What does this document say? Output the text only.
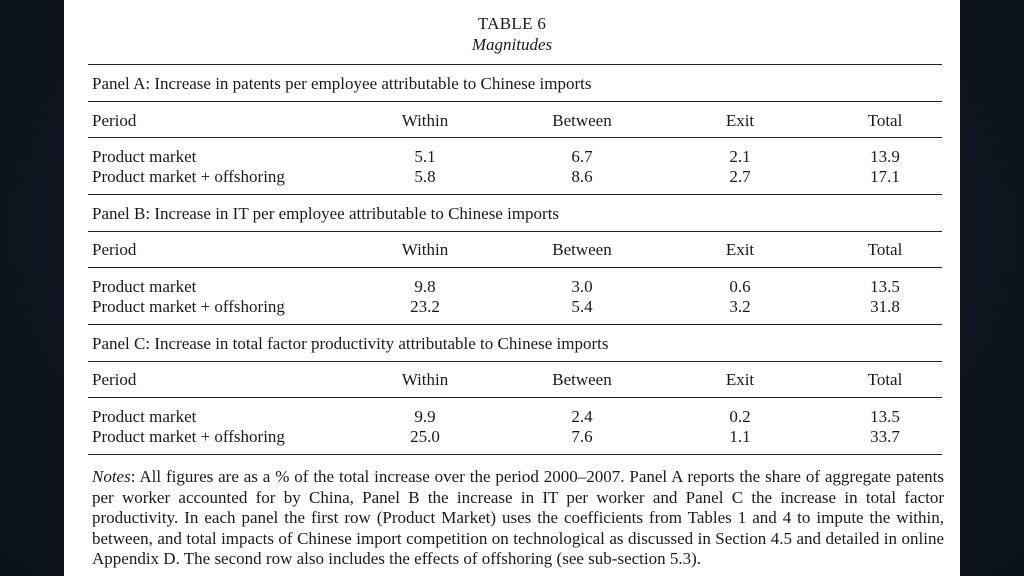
TABLE 6
Magnitudes
Panel A: Increase in patents per employee attributable to Chinese imports
Period	Within	Between	Exit	Total
Product market	5.1	6.7	2.1	13.9
Product market + offshoring	5.8	8.6	2.7	17.1
Panel B: Increase in IT per employee attributable to Chinese imports
Period	Within	Between	Exit	Total
Product market	9.8	3.0	0.6	13.5
Product market + offshoring	23.2	5.4	3.2	31.8
Panel C: Increase in total factor productivity attributable to Chinese imports
Period	Within	Between	Exit	Total
Product market	9.9	2.4	0.2	13.5
Product market + offshoring	25.0	7.6	1.1	33.7
Notes: All figures are as a % of the total increase over the period 2000–2007. Panel A reports the share of aggregate patents per worker accounted for by China, Panel B the increase in IT per worker and Panel C the increase in total factor productivity. In each panel the first row (Product Market) uses the coefficients from Tables 1 and 4 to impute the within, between, and total impacts of Chinese import competition on technological as discussed in Section 4.5 and detailed in online Appendix D. The second row also includes the effects of offshoring (see sub-section 5.3).
